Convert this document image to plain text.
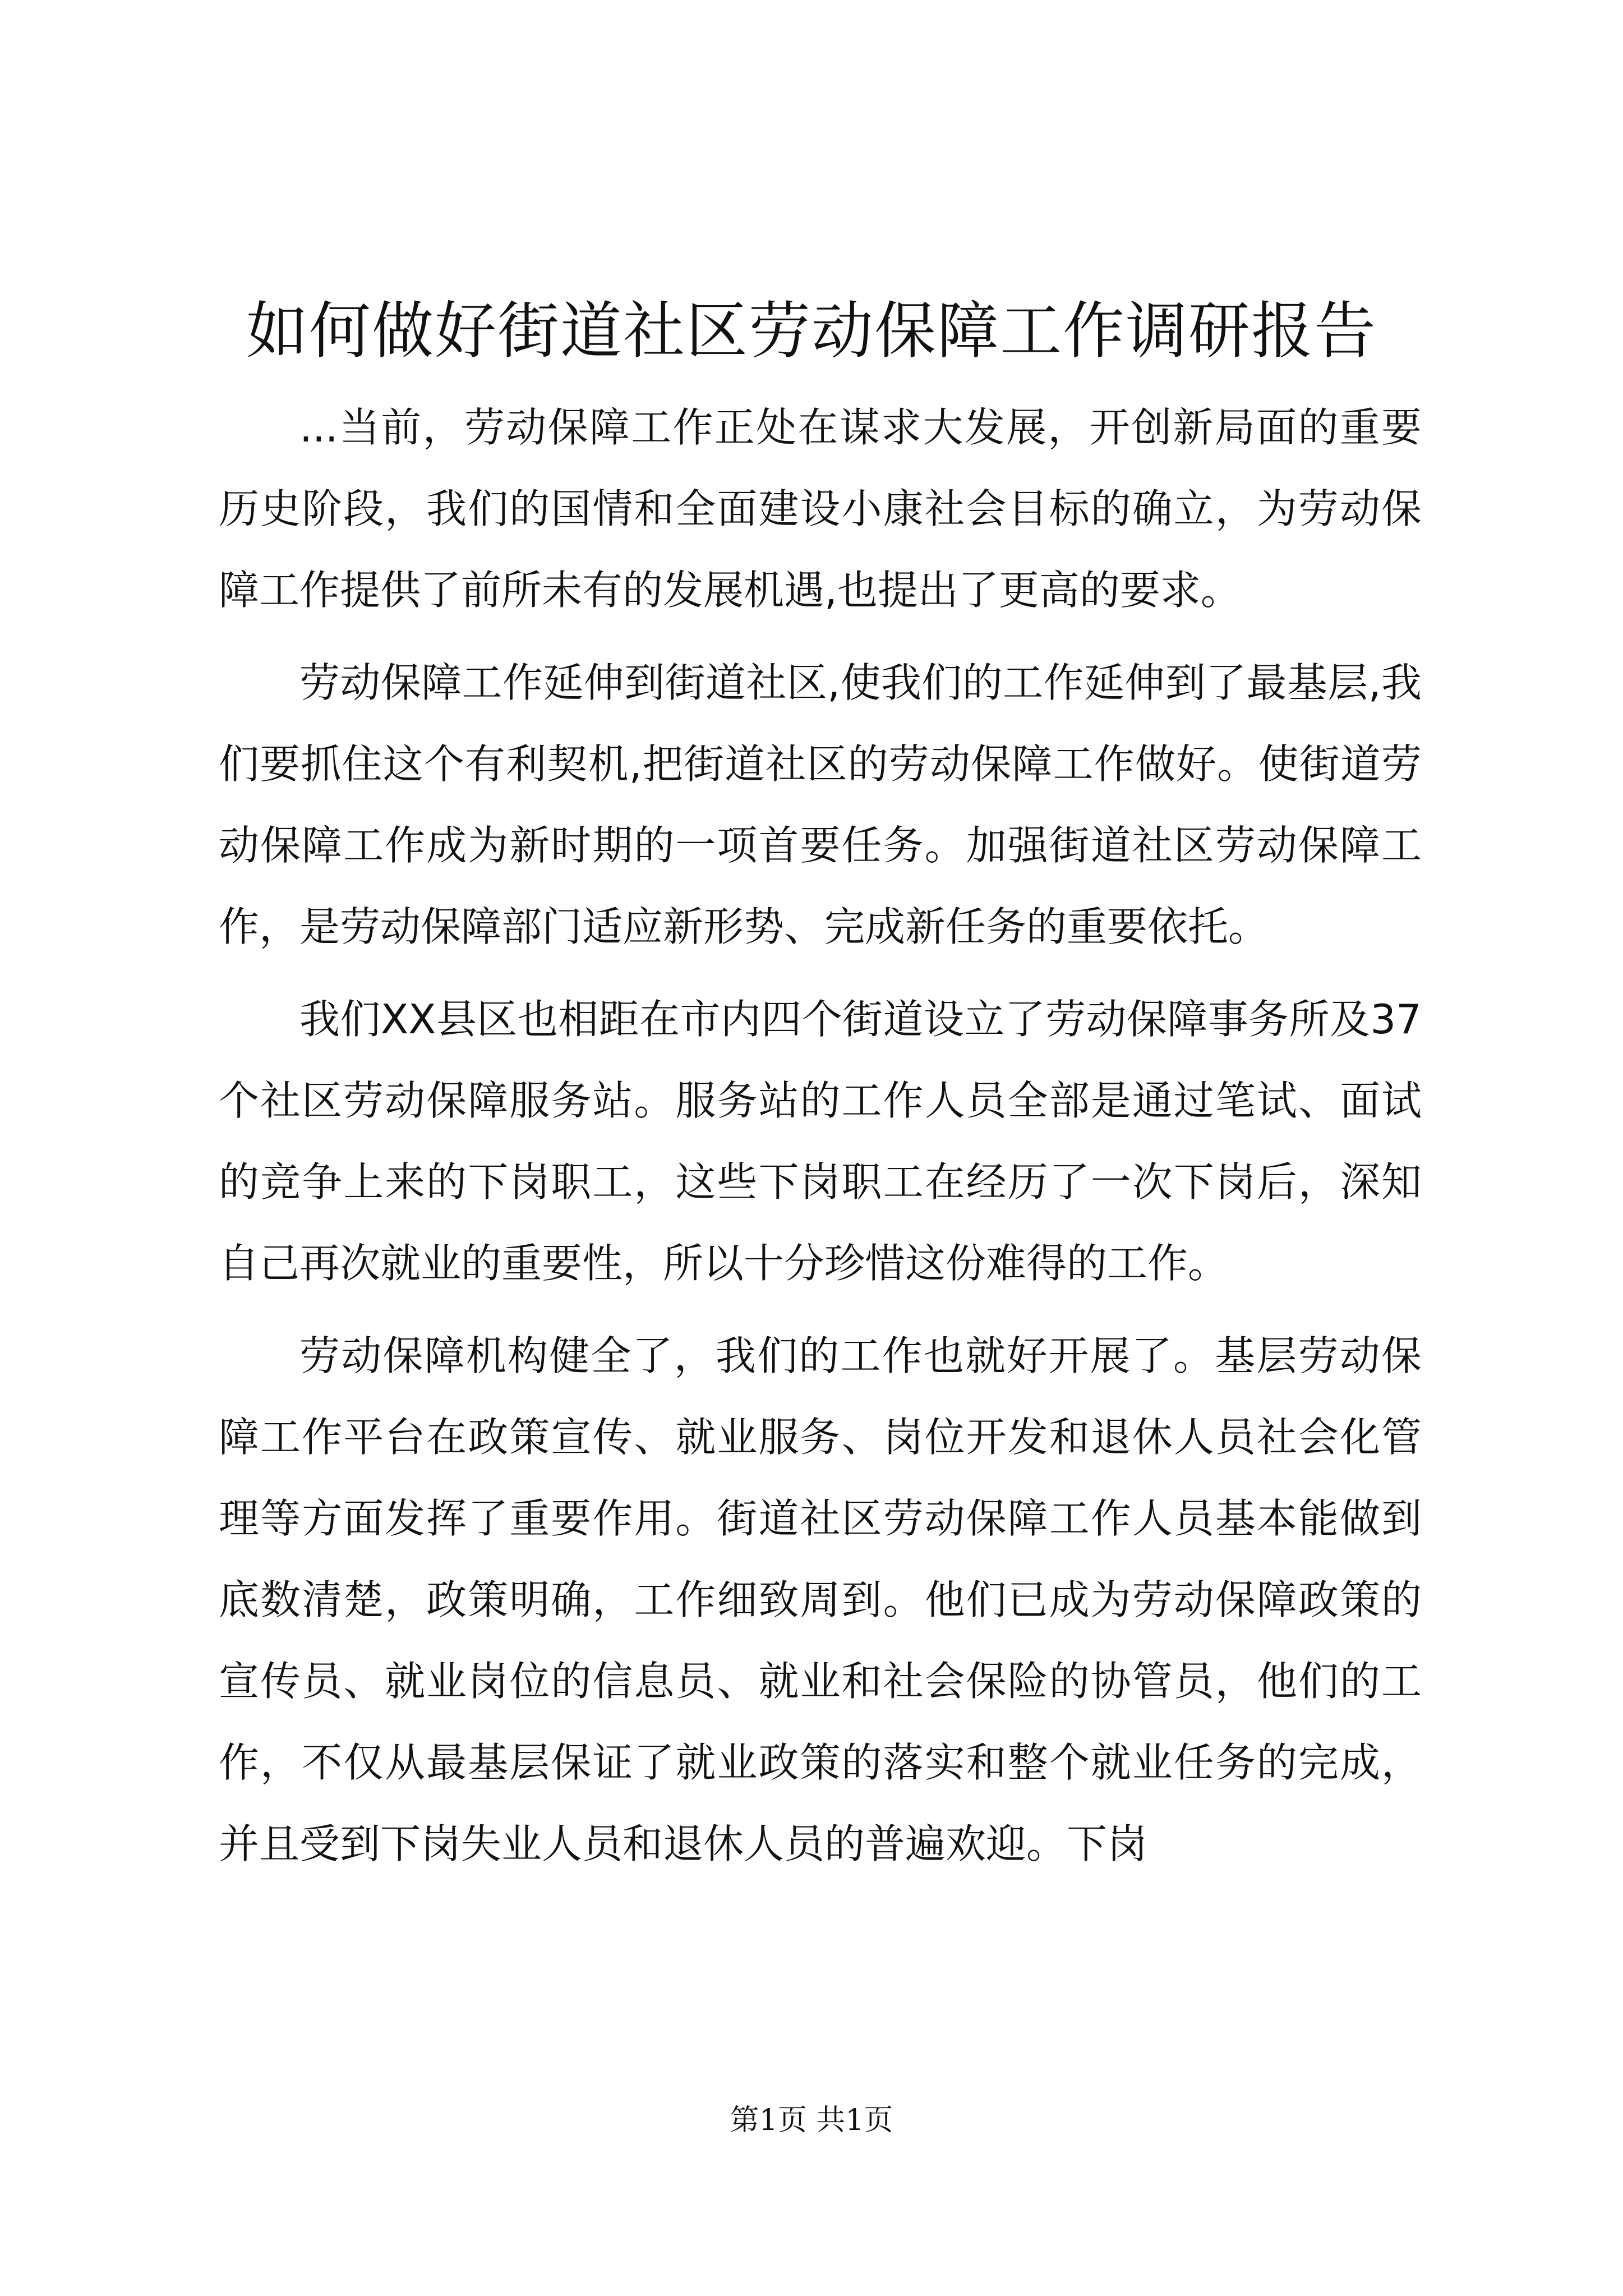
如何做好街道社区劳动保障工作调研报告

...当前，劳动保障工作正处在谋求大发展，开创新局面的重要历史阶段，我们的国情和全面建设小康社会目标的确立，为劳动保障工作提供了前所未有的发展机遇,也提出了更高的要求。

劳动保障工作延伸到街道社区,使我们的工作延伸到了最基层,我们要抓住这个有利契机,把街道社区的劳动保障工作做好。使街道劳动保障工作成为新时期的一项首要任务。加强街道社区劳动保障工作，是劳动保障部门适应新形势、完成新任务的重要依托。

我们XX县区也相距在市内四个街道设立了劳动保障事务所及37个社区劳动保障服务站。服务站的工作人员全部是通过笔试、面试的竞争上来的下岗职工，这些下岗职工在经历了一次下岗后，深知自己再次就业的重要性，所以十分珍惜这份难得的工作。

劳动保障机构健全了，我们的工作也就好开展了。基层劳动保障工作平台在政策宣传、就业服务、岗位开发和退休人员社会化管理等方面发挥了重要作用。街道社区劳动保障工作人员基本能做到底数清楚，政策明确，工作细致周到。他们已成为劳动保障政策的宣传员、就业岗位的信息员、就业和社会保险的协管员，他们的工作，不仅从最基层保证了就业政策的落实和整个就业任务的完成，并且受到下岗失业人员和退休人员的普遍欢迎。下岗

第1页 共1页
